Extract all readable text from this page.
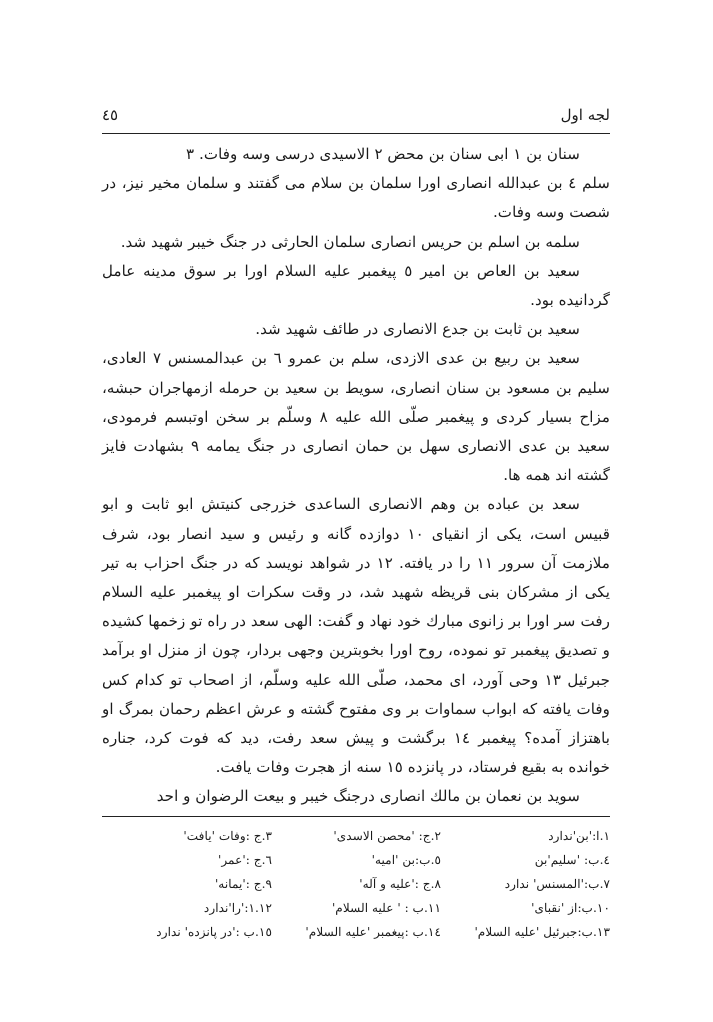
لجه اول
٤٥

سنان بن ١ ابی سنان بن محض ٢ الاسیدی درسی وسه وفات. ٣

سلم ٤ بن عبدالله انصاری اورا سلمان بن سلام می گفتند و سلمان مخیر نیز، در شصت وسه وفات.

سلمه بن اسلم بن حریس انصاری سلمان الحارثی در جنگ خیبر شهید شد.

سعید بن العاص بن امیر ٥ پیغمبر علیه السلام اورا بر سوق مدینه عامل گردانیده بود.

سعید بن ثابت بن جدع الانصاری در طائف شهید شد.

سعید بن ربیع بن عدی الازدی، سلم بن عمرو ٦ بن عبدالمسنس ٧ العادی، سلیم بن مسعود بن سنان انصاری، سویط بن سعید بن حرمله ازمهاجران حبشه، مزاح بسیار کردی و پیغمبر صلّی الله علیه ٨ وسلّم بر سخن اوتبسم فرمودی، سعید بن عدی الانصاری سهل بن حمان انصاری در جنگ یمامه ٩ بشهادت فایز گشته اند همه ها.

سعد بن عباده بن وهم الانصاری الساعدی خزرجی کنیتش ابو ثابت و ابو قبیس است، یکی از انقیای ١٠ دوازده گانه و رئیس و سید انصار بود، شرف ملازمت آن سرور ١١ را در یافته. ١٢ در شواهد نویسد که در جنگ احزاب به تیر یکی از مشرکان بنی قریظه شهید شد، در وقت سکرات او پیغمبر علیه السلام رفت سر اورا بر زانوی مبارك خود نهاد و گفت: الهی سعد در راه تو زخمها کشیده و تصدیق پیغمبر تو نموده، روح اورا بخوبترین وجهی بردار، چون از منزل او برآمد جبرئیل ١٣ وحی آورد، ای محمد، صلّی الله علیه وسلّم، از اصحاب تو کدام کس وفات یافته که ابواب سماوات بر وی مفتوح گشته و عرش اعظم رحمان بمرگ او باهتزاز آمده؟ پیغمبر ١٤ برگشت و پیش سعد رفت، دید که فوت کرد، جناره خوانده به بقیع فرستاد، در پانزده ١٥ سنه از هجرت وفات یافت.

سوید بن نعمان بن مالك انصاری درجنگ خیبر و بیعت الرضوان و احد

١.ا:'بن'ندارد
٢.ج: 'محصن الاسدی'
٣.ج :وفات 'یافت'
٤.ب: 'سلیم'بن
٥.ب:بن 'امیه'
٦.ج :'عمر'
٧.ب:'المسنس' ندارد
٨.ج :'علیه و آله'
٩.ج :'یمانه'
١٠.ب:از 'نقبای'
١١.ب : ' علیه السلام'
١.١٢:'را'ندارد
١٣.ب:جبرئیل 'علیه السلام'
١٤.ب :پیغمبر 'علیه السلام'
١٥.ب :'در پانزده' ندارد
